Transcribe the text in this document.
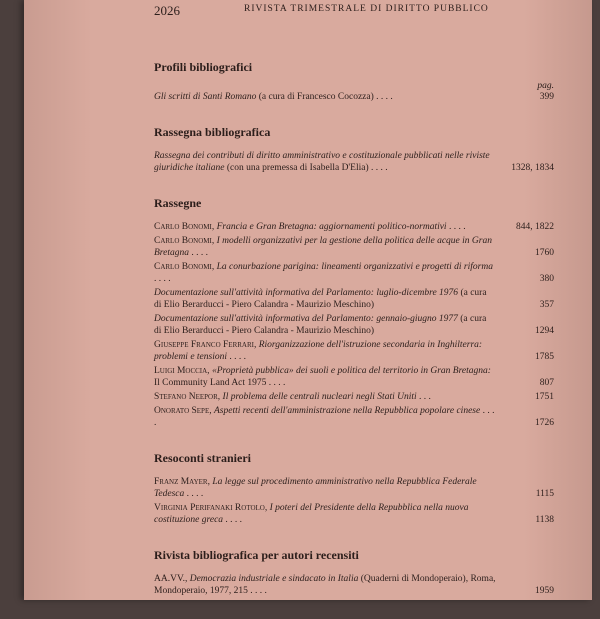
2026	RIVISTA TRIMESTRALE DI DIRITTO PUBBLICO
Profili bibliografici
pag.
Gli scritti di Santi Romano (a cura di Francesco Cocozza) . . . .	399
Rassegna bibliografica
Rassegna dei contributi di diritto amministrativo e costituzionale pubblicati nelle riviste giuridiche italiane (con una premessa di Isabella D'Elia) . . . .	1328, 1834
Rassegne
Carlo Bonomi, Francia e Gran Bretagna: aggiornamenti politico-normativi . . . .	844, 1822
Carlo Bonomi, I modelli organizzativi per la gestione della politica delle acque in Gran Bretagna . . . .	1760
Carlo Bonomi, La conurbazione parigina: lineamenti organizzativi e progetti di riforma . . . .	380
Documentazione sull'attività informativa del Parlamento: luglio-dicembre 1976 (a cura di Elio Berarducci - Piero Calandra - Maurizio Meschino)	357
Documentazione sull'attività informativa del Parlamento: gennaio-giugno 1977 (a cura di Elio Berarducci - Piero Calandra - Maurizio Meschino)	1294
Giuseppe Franco Ferrari, Riorganizzazione dell'istruzione secondaria in Inghilterra: problemi e tensioni . . . .	1785
Luigi Moccia, «Proprietà pubblica» dei suoli e politica del territorio in Gran Bretagna: Il Community Land Act 1975 . . . .	807
Stefano Neepor, Il problema delle centrali nucleari negli Stati Uniti . . .	1751
Onorato Sepe, Aspetti recenti dell'amministrazione nella Repubblica popolare cinese . . . .	1726
Resoconti stranieri
Franz Mayer, La legge sul procedimento amministrativo nella Repubblica Federale Tedesca . . . .	1115
Virginia Perifanaki Rotolo, I poteri del Presidente della Repubblica nella nuova costituzione greca . . . .	1138
Rivista bibliografica per autori recensiti
AA.VV., Democrazia industriale e sindacato in Italia (Quaderni di Mondoperaio), Roma, Mondoperaio, 1977, 215 . . . .	1959
